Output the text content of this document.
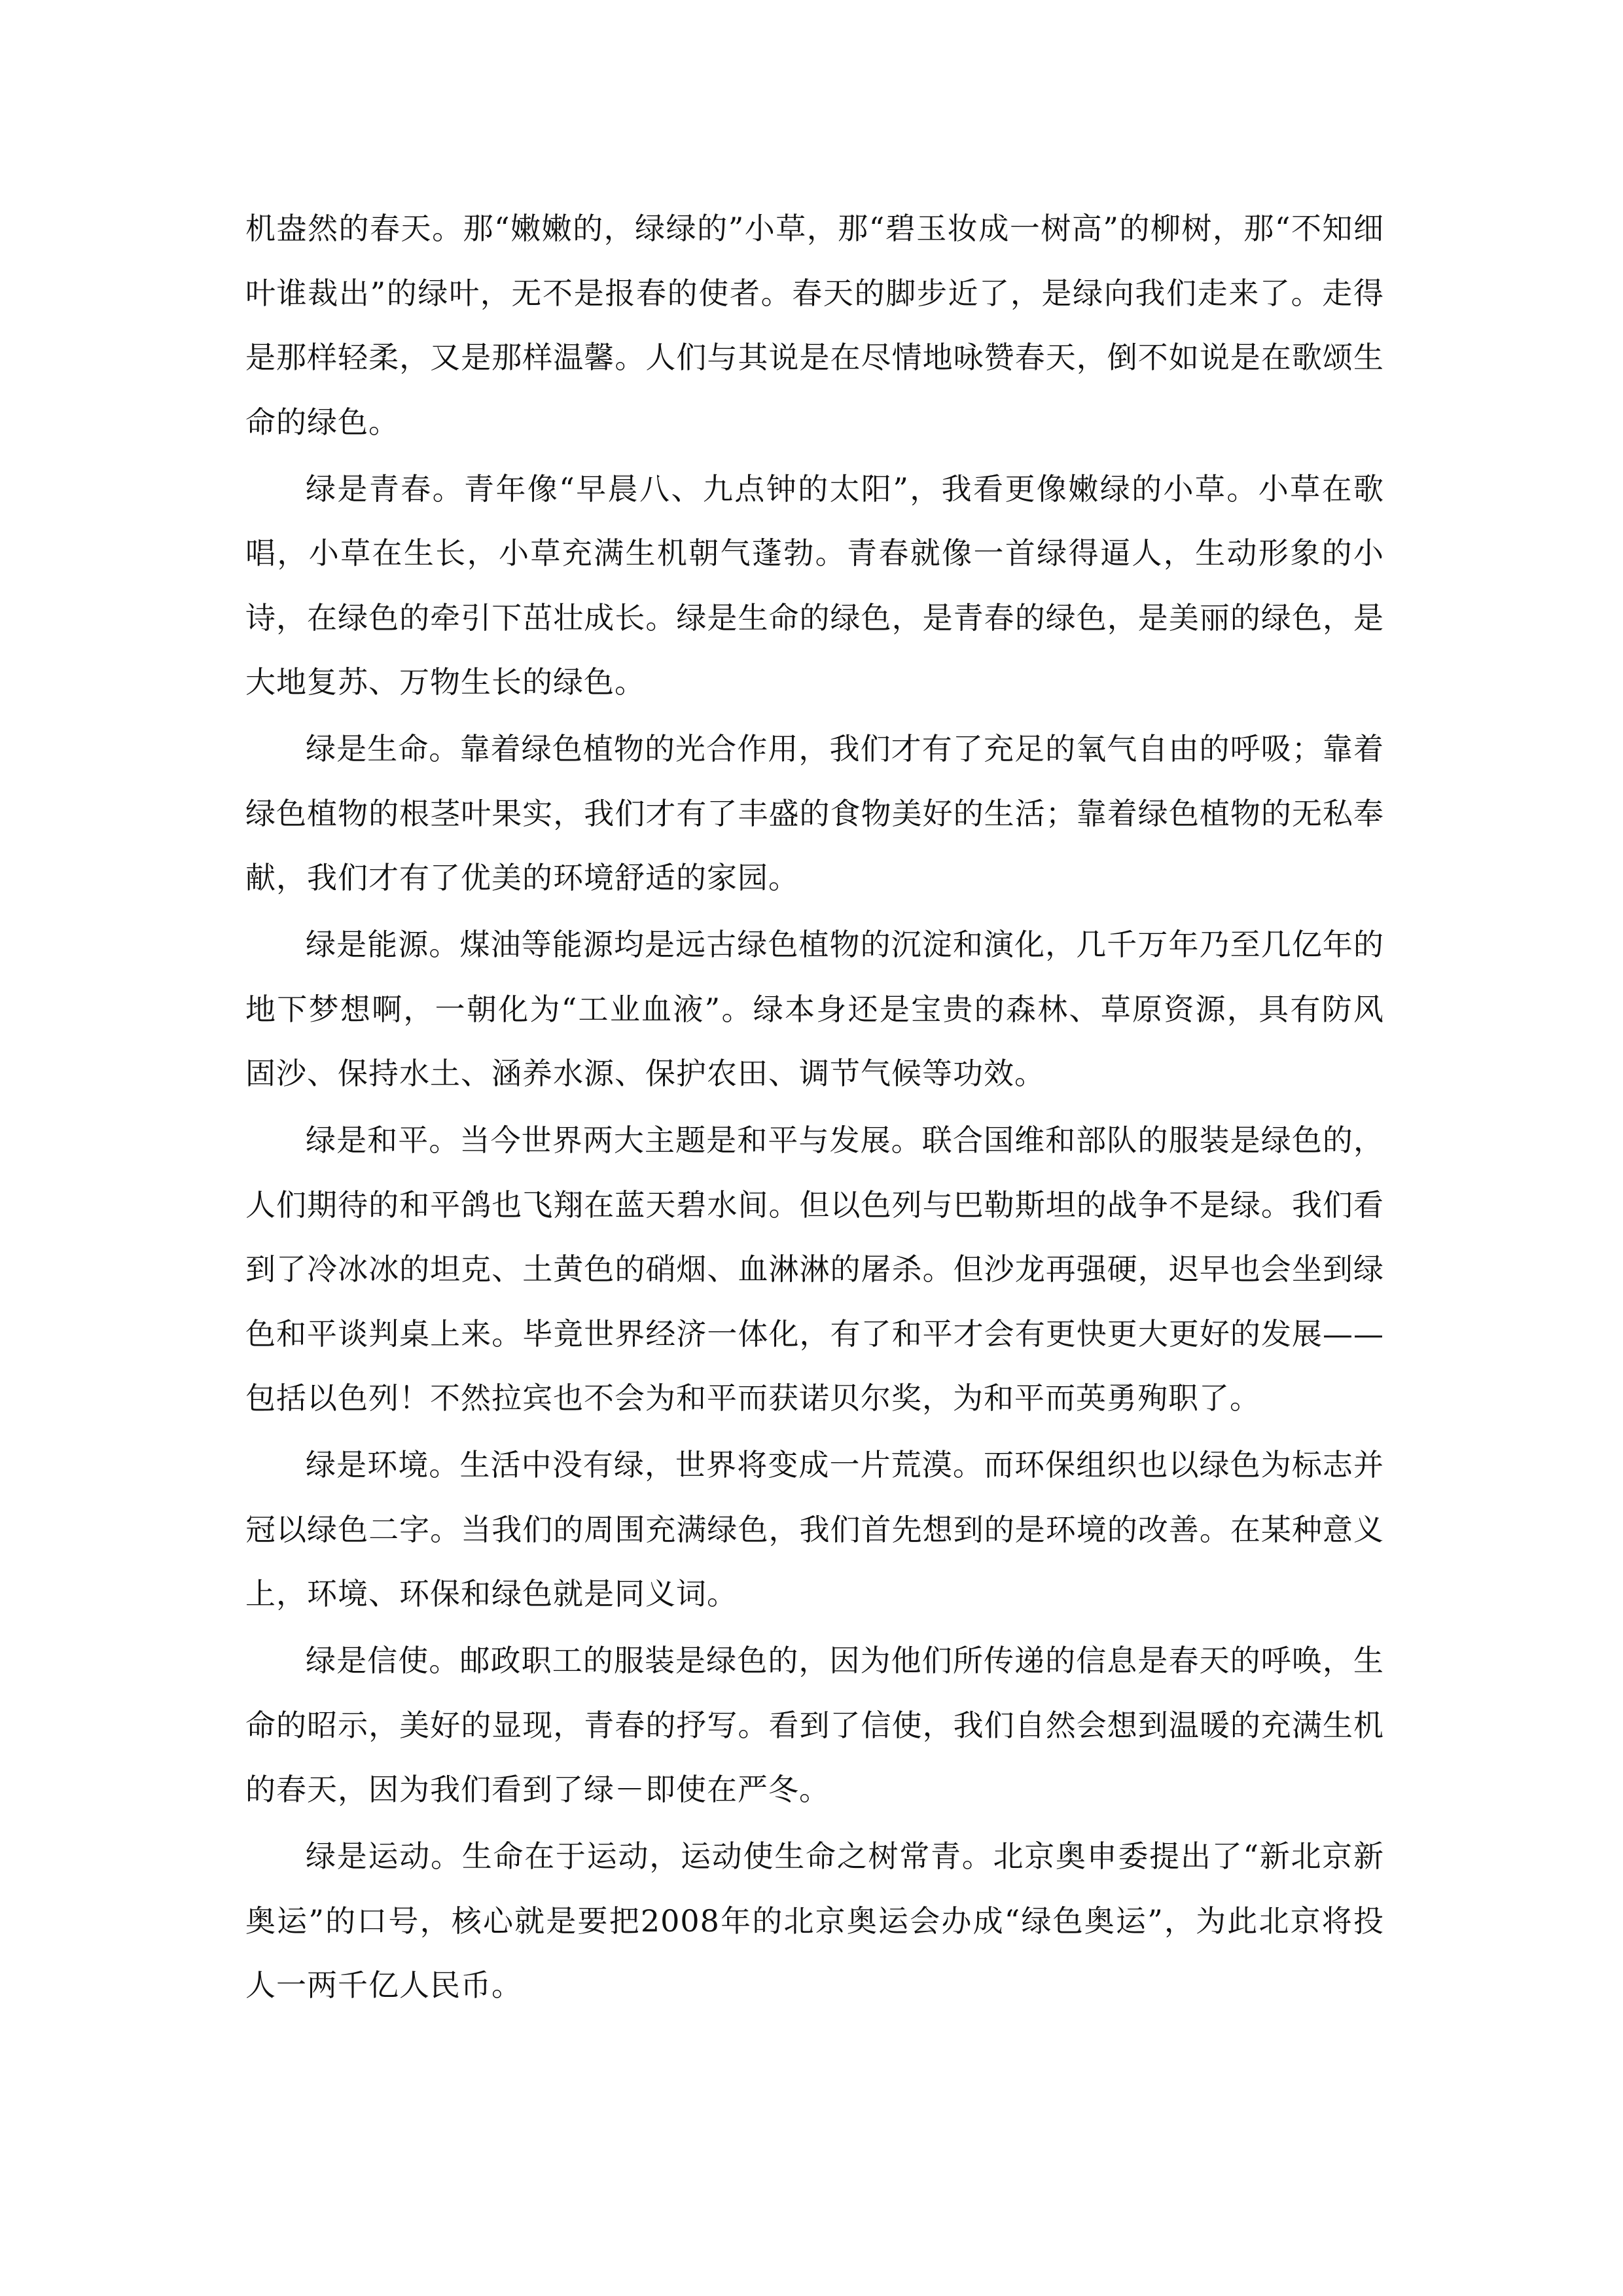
机盎然的春天。那“嫩嫩的，绿绿的”小草，那“碧玉妆成一树高”的柳树，那“不知细叶谁裁出”的绿叶，无不是报春的使者。春天的脚步近了，是绿向我们走来了。走得是那样轻柔，又是那样温馨。人们与其说是在尽情地咏赞春天，倒不如说是在歌颂生命的绿色。

绿是青春。青年像“早晨八、九点钟的太阳”，我看更像嫩绿的小草。小草在歌唱，小草在生长，小草充满生机朝气蓬勃。青春就像一首绿得逼人，生动形象的小诗，在绿色的牵引下茁壮成长。绿是生命的绿色，是青春的绿色，是美丽的绿色，是大地复苏、万物生长的绿色。

绿是生命。靠着绿色植物的光合作用，我们才有了充足的氧气自由的呼吸；靠着绿色植物的根茎叶果实，我们才有了丰盛的食物美好的生活；靠着绿色植物的无私奉献，我们才有了优美的环境舒适的家园。

绿是能源。煤油等能源均是远古绿色植物的沉淀和演化，几千万年乃至几亿年的地下梦想啊，一朝化为“工业血液”。绿本身还是宝贵的森林、草原资源，具有防风固沙、保持水土、涵养水源、保护农田、调节气候等功效。

绿是和平。当今世界两大主题是和平与发展。联合国维和部队的服装是绿色的，人们期待的和平鸽也飞翔在蓝天碧水间。但以色列与巴勒斯坦的战争不是绿。我们看到了冷冰冰的坦克、土黄色的硝烟、血淋淋的屠杀。但沙龙再强硬，迟早也会坐到绿色和平谈判桌上来。毕竟世界经济一体化，有了和平才会有更快更大更好的发展——包括以色列！不然拉宾也不会为和平而获诺贝尔奖，为和平而英勇殉职了。

绿是环境。生活中没有绿，世界将变成一片荒漠。而环保组织也以绿色为标志并冠以绿色二字。当我们的周围充满绿色，我们首先想到的是环境的改善。在某种意义上，环境、环保和绿色就是同义词。

绿是信使。邮政职工的服装是绿色的，因为他们所传递的信息是春天的呼唤，生命的昭示，美好的显现，青春的抒写。看到了信使，我们自然会想到温暖的充满生机的春天，因为我们看到了绿－即使在严冬。

绿是运动。生命在于运动，运动使生命之树常青。北京奥申委提出了“新北京新奥运”的口号，核心就是要把2008年的北京奥运会办成“绿色奥运”，为此北京将投人一两千亿人民币。
